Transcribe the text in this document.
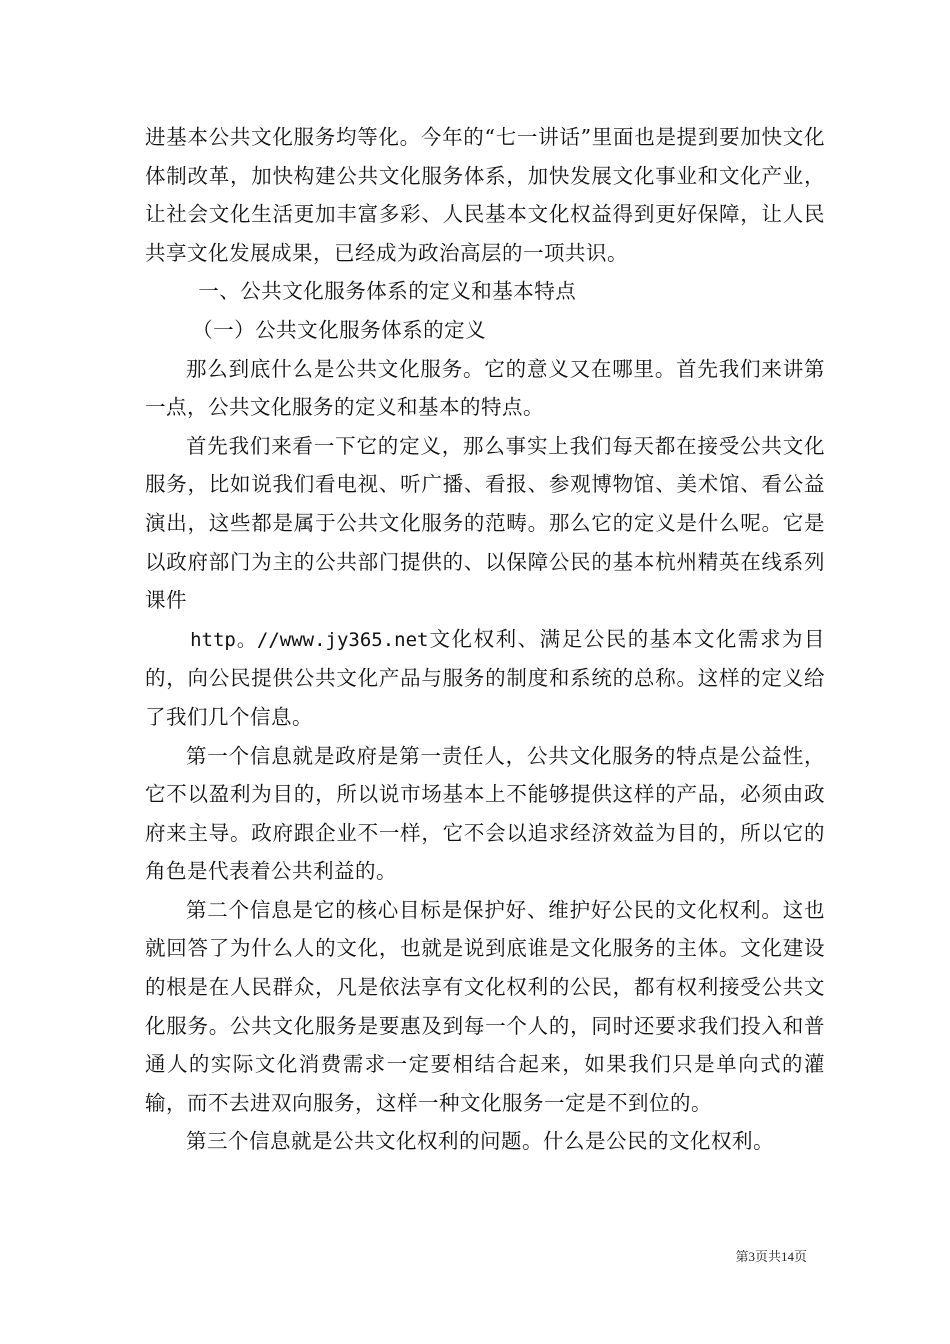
进基本公共文化服务均等化。今年的“七一讲话”里面也是提到要加快文化体制改革，加快构建公共文化服务体系，加快发展文化事业和文化产业，让社会文化生活更加丰富多彩、人民基本文化权益得到更好保障，让人民共享文化发展成果，已经成为政治高层的一项共识。

一、公共文化服务体系的定义和基本特点

（一）公共文化服务体系的定义

那么到底什么是公共文化服务。它的意义又在哪里。首先我们来讲第一点，公共文化服务的定义和基本的特点。

首先我们来看一下它的定义，那么事实上我们每天都在接受公共文化服务，比如说我们看电视、听广播、看报、参观博物馆、美术馆、看公益演出，这些都是属于公共文化服务的范畴。那么它的定义是什么呢。它是以政府部门为主的公共部门提供的、以保障公民的基本杭州精英在线系列课件

http。//www.jy365.net文化权利、满足公民的基本文化需求为目的，向公民提供公共文化产品与服务的制度和系统的总称。这样的定义给了我们几个信息。

第一个信息就是政府是第一责任人，公共文化服务的特点是公益性，它不以盈利为目的，所以说市场基本上不能够提供这样的产品，必须由政府来主导。政府跟企业不一样，它不会以追求经济效益为目的，所以它的角色是代表着公共利益的。

第二个信息是它的核心目标是保护好、维护好公民的文化权利。这也就回答了为什么人的文化，也就是说到底谁是文化服务的主体。文化建设的根是在人民群众，凡是依法享有文化权利的公民，都有权利接受公共文化服务。公共文化服务是要惠及到每一个人的，同时还要求我们投入和普通人的实际文化消费需求一定要相结合起来，如果我们只是单向式的灌输，而不去进双向服务，这样一种文化服务一定是不到位的。

第三个信息就是公共文化权利的问题。什么是公民的文化权利。

第3页共14页
